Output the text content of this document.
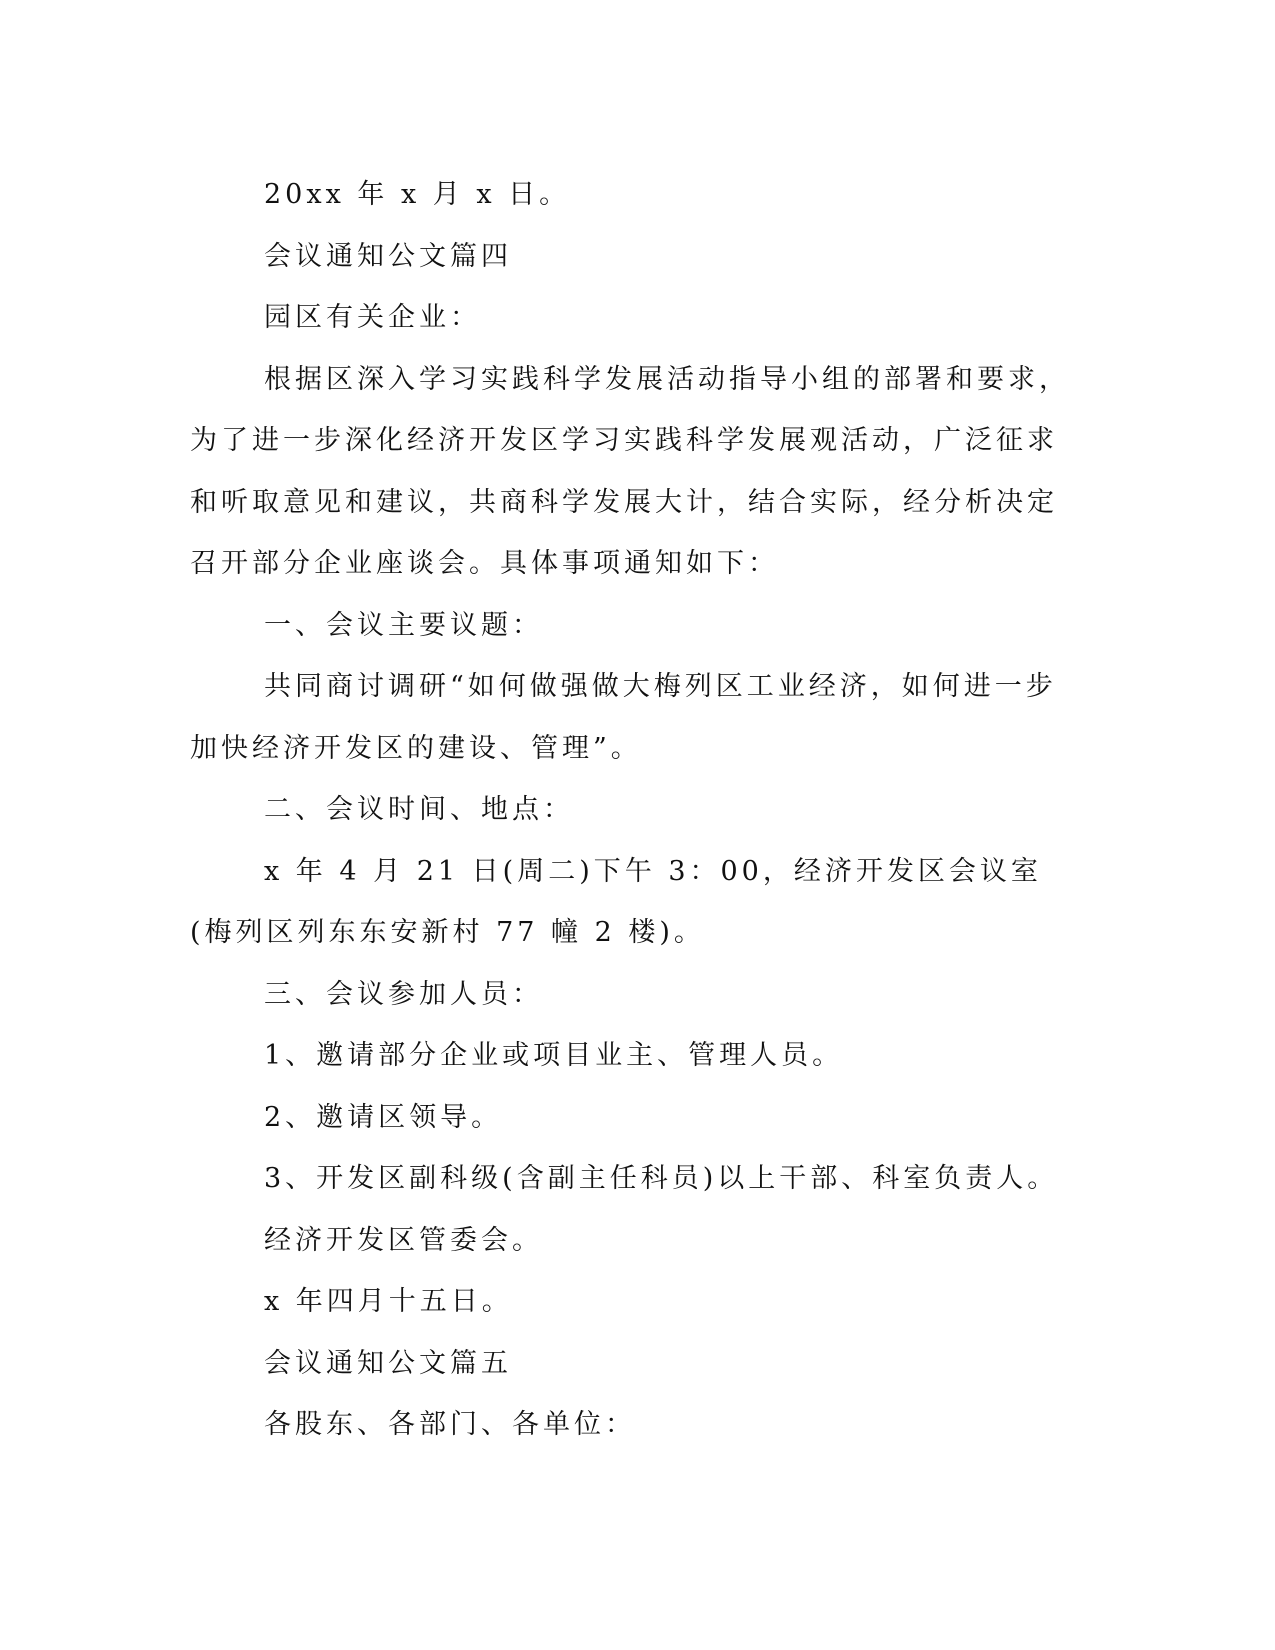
20xx 年 x 月 x 日。

会议通知公文篇四

园区有关企业：

根据区深入学习实践科学发展活动指导小组的部署和要求，为了进一步深化经济开发区学习实践科学发展观活动，广泛征求和听取意见和建议，共商科学发展大计，结合实际，经分析决定召开部分企业座谈会。具体事项通知如下：

一、会议主要议题：

共同商讨调研“如何做强做大梅列区工业经济，如何进一步加快经济开发区的建设、管理”。

二、会议时间、地点：

x 年 4 月 21 日(周二)下午 3：00，经济开发区会议室(梅列区列东东安新村 77 幢 2 楼)。

三、会议参加人员：

1、邀请部分企业或项目业主、管理人员。

2、邀请区领导。

3、开发区副科级(含副主任科员)以上干部、科室负责人。

经济开发区管委会。

x 年四月十五日。

会议通知公文篇五

各股东、各部门、各单位：
